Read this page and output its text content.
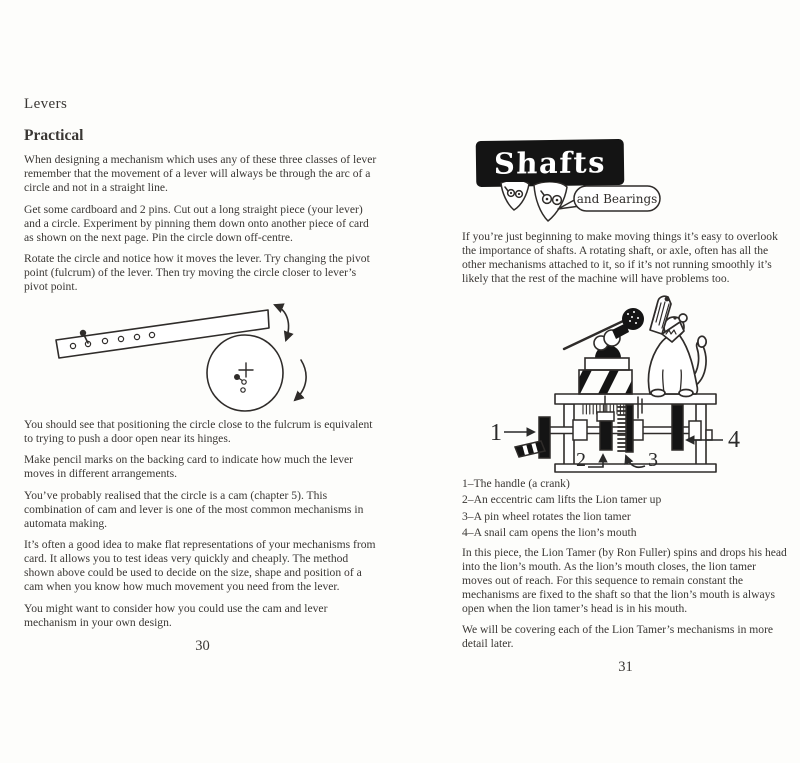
Levers
Practical

When designing a mechanism which uses any of these three classes of lever remember that the movement of a lever will always be through the arc of a circle and not in a straight line.

Get some cardboard and 2 pins. Cut out a long straight piece (your lever) and a circle. Experiment by pinning them down onto another piece of card as shown on the next page. Pin the circle down off-centre.

Rotate the circle and notice how it moves the lever. Try changing the pivot point (fulcrum) of the lever. Then try moving the circle closer to lever’s pivot point.

You should see that positioning the circle close to the fulcrum is equivalent to trying to push a door open near its hinges.

Make pencil marks on the backing card to indicate how much the lever moves in different arrangements.

You’ve probably realised that the circle is a cam (chapter 5). This combination of cam and lever is one of the most common mechanisms in automata making.

It’s often a good idea to make flat representations of your mechanisms from card. It allows you to test ideas very quickly and cheaply. The method shown above could be used to decide on the size, shape and position of a cam when you know how much movement you need from the lever.

You might want to consider how you could use the cam and lever mechanism in your own design.

30
Shafts
and Bearings

If you’re just beginning to make moving things it’s easy to overlook the importance of shafts. A rotating shaft, or axle, often has all the other mechanisms attached to it, so if it’s not running smoothly it’s likely that the rest of the machine will have problems too.

1
2	3
4
1–The handle (a crank)
2–An eccentric cam lifts the Lion tamer up
3–A pin wheel rotates the lion tamer
4–A snail cam opens the lion’s mouth

In this piece, the Lion Tamer (by Ron Fuller) spins and drops his head into the lion’s mouth. As the lion’s mouth closes, the lion tamer moves out of reach. For this sequence to remain constant the mechanisms are fixed to the shaft so that the lion’s mouth is always open when the lion tamer’s head is in his mouth.

We will be covering each of the Lion Tamer’s mechanisms in more detail later.

31
